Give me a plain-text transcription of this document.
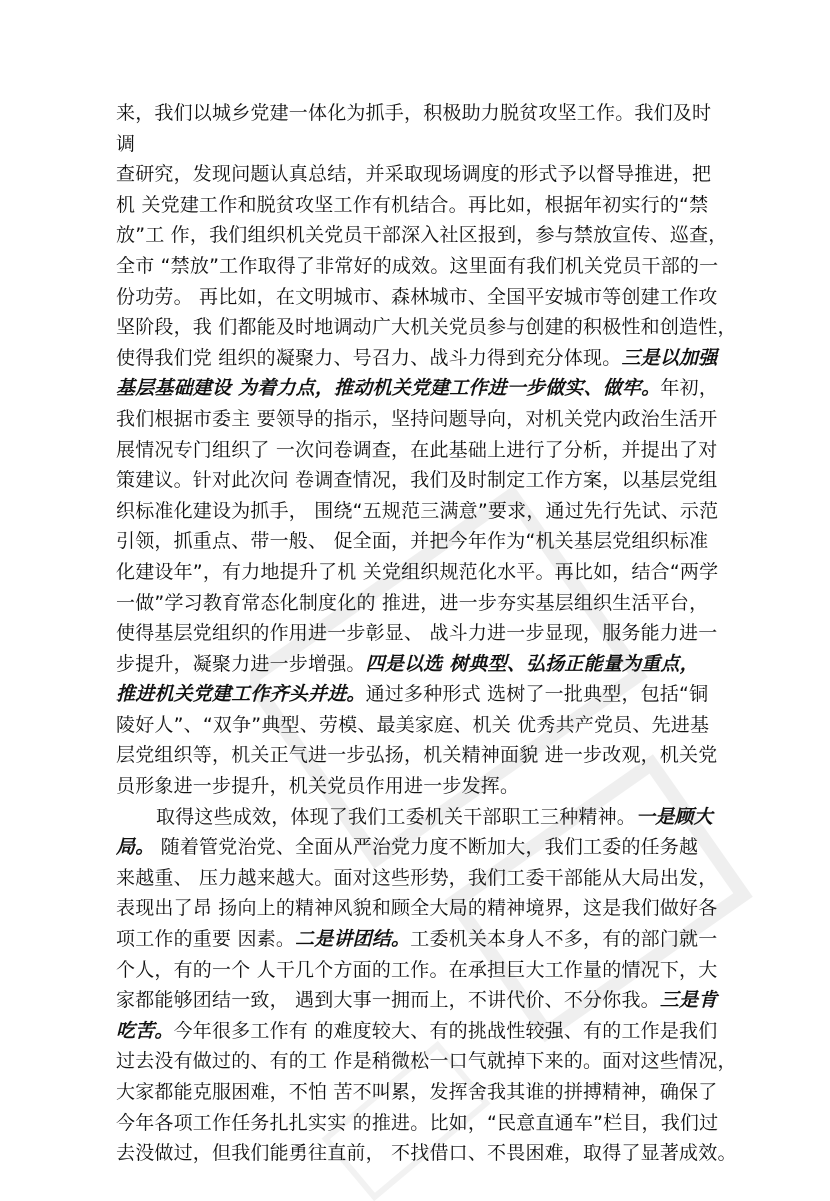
来，我们以城乡党建一体化为抓手，积极助力脱贫攻坚工作。我们及时
调
查研究，发现问题认真总结，并采取现场调度的形式予以督导推进，把
机 关党建工作和脱贫攻坚工作有机结合。再比如，根据年初实行的“禁
放”工 作，我们组织机关党员干部深入社区报到，参与禁放宣传、巡查，
全市 “禁放”工作取得了非常好的成效。这里面有我们机关党员干部的一
份功劳。 再比如，在文明城市、森林城市、全国平安城市等创建工作攻
坚阶段，我 们都能及时地调动广大机关党员参与创建的积极性和创造性，
使得我们党 组织的凝聚力、号召力、战斗力得到充分体现。三是以加强
基层基础建设 为着力点，推动机关党建工作进一步做实、做牢。年初，
我们根据市委主 要领导的指示，坚持问题导向，对机关党内政治生活开
展情况专门组织了 一次问卷调查，在此基础上进行了分析，并提出了对
策建议。针对此次问 卷调查情况，我们及时制定工作方案，以基层党组
织标准化建设为抓手， 围绕“五规范三满意”要求，通过先行先试、示范
引领，抓重点、带一般、 促全面，并把今年作为“机关基层党组织标准
化建设年”，有力地提升了机 关党组织规范化水平。再比如，结合“两学
一做”学习教育常态化制度化的 推进，进一步夯实基层组织生活平台，
使得基层党组织的作用进一步彰显、 战斗力进一步显现，服务能力进一
步提升，凝聚力进一步增强。四是以选 树典型、弘扬正能量为重点，
推进机关党建工作齐头并进。通过多种形式 选树了一批典型，包括“铜
陵好人”、“双争”典型、劳模、最美家庭、机关 优秀共产党员、先进基
层党组织等，机关正气进一步弘扬，机关精神面貌 进一步改观，机关党
员形象进一步提升，机关党员作用进一步发挥。
取得这些成效，体现了我们工委机关干部职工三种精神。一是顾大
局。 随着管党治党、全面从严治党力度不断加大，我们工委的任务越
来越重、 压力越来越大。面对这些形势，我们工委干部能从大局出发，
表现出了昂 扬向上的精神风貌和顾全大局的精神境界，这是我们做好各
项工作的重要 因素。二是讲团结。工委机关本身人不多，有的部门就一
个人，有的一个 人干几个方面的工作。在承担巨大工作量的情况下，大
家都能够团结一致， 遇到大事一拥而上，不讲代价、不分你我。三是肯
吃苦。今年很多工作有 的难度较大、有的挑战性较强、有的工作是我们
过去没有做过的、有的工 作是稍微松一口气就掉下来的。面对这些情况，
大家都能克服困难，不怕 苦不叫累，发挥舍我其谁的拼搏精神，确保了
今年各项工作任务扎扎实实 的推进。比如，“民意直通车”栏目，我们过
去没做过，但我们能勇往直前， 不找借口、不畏困难，取得了显著成效。
